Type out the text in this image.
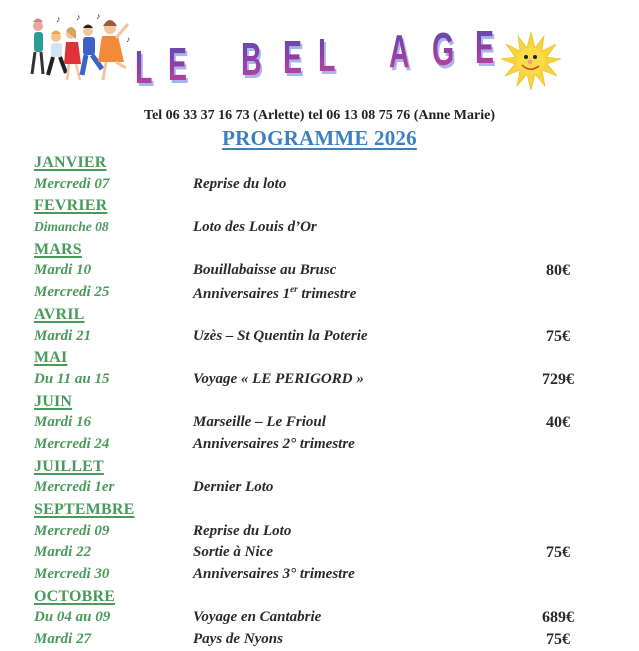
♪ ♪ ♪
♪
L E B E L A G E
Tel 06 33 37 16 73 (Arlette) tel 06 13 08 75 76 (Anne Marie)
PROGRAMME 2026
JANVIER
Mercredi 07	Reprise du loto
FEVRIER
Dimanche 08	Loto des Louis d’Or
MARS
Mardi 10	Bouillabaisse au Brusc	80€
Mercredi 25	Anniversaires 1er trimestre
AVRIL
Mardi 21	Uzès – St Quentin la Poterie	75€
MAI
Du 11 au 15	Voyage « LE PERIGORD »	729€
JUIN
Mardi 16	Marseille – Le Frioul	40€
Mercredi 24	Anniversaires 2° trimestre
JUILLET
Mercredi 1er	Dernier Loto
SEPTEMBRE
Mercredi 09	Reprise du Loto
Mardi 22	Sortie à Nice	75€
Mercredi 30	Anniversaires 3° trimestre
OCTOBRE
Du 04 au 09	Voyage en Cantabrie	689€
Mardi 27	Pays de Nyons	75€
